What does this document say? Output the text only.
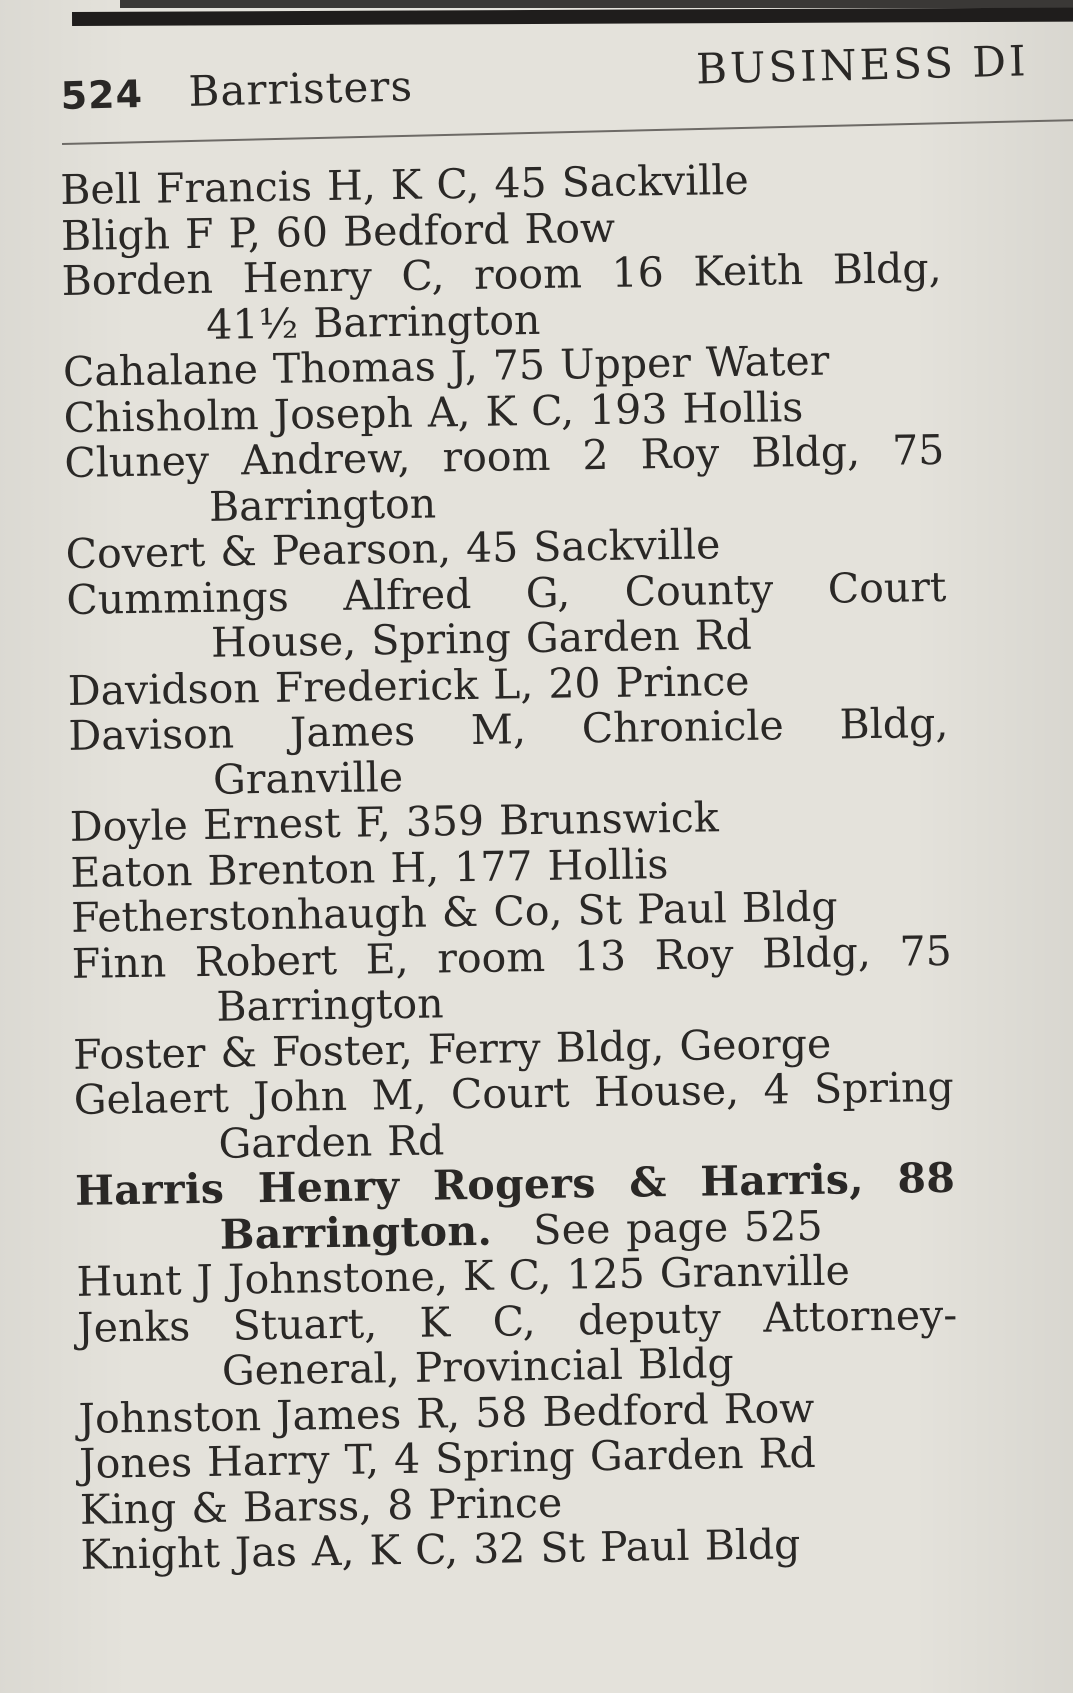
524 Barristers	BUSINESS DI
Bell Francis H, K C, 45 Sackville
Bligh F P, 60 Bedford Row
Borden Henry C, room 16 Keith Bldg,
41½ Barrington
Cahalane Thomas J, 75 Upper Water
Chisholm Joseph A, K C, 193 Hollis
Cluney Andrew, room 2 Roy Bldg, 75
Barrington
Covert & Pearson, 45 Sackville
Cummings Alfred G, County Court
House, Spring Garden Rd
Davidson Frederick L, 20 Prince
Davison James M, Chronicle Bldg,
Granville
Doyle Ernest F, 359 Brunswick
Eaton Brenton H, 177 Hollis
Fetherstonhaugh & Co, St Paul Bldg
Finn Robert E, room 13 Roy Bldg, 75
Barrington
Foster & Foster, Ferry Bldg, George
Gelaert John M, Court House, 4 Spring
Garden Rd
Harris Henry Rogers & Harris, 88
Barrington.  See page 525
Hunt J Johnstone, K C, 125 Granville
Jenks Stuart, K C, deputy Attorney-
General, Provincial Bldg
Johnston James R, 58 Bedford Row
Jones Harry T, 4 Spring Garden Rd
King & Barss, 8 Prince
Knight Jas A, K C, 32 St Paul Bldg
